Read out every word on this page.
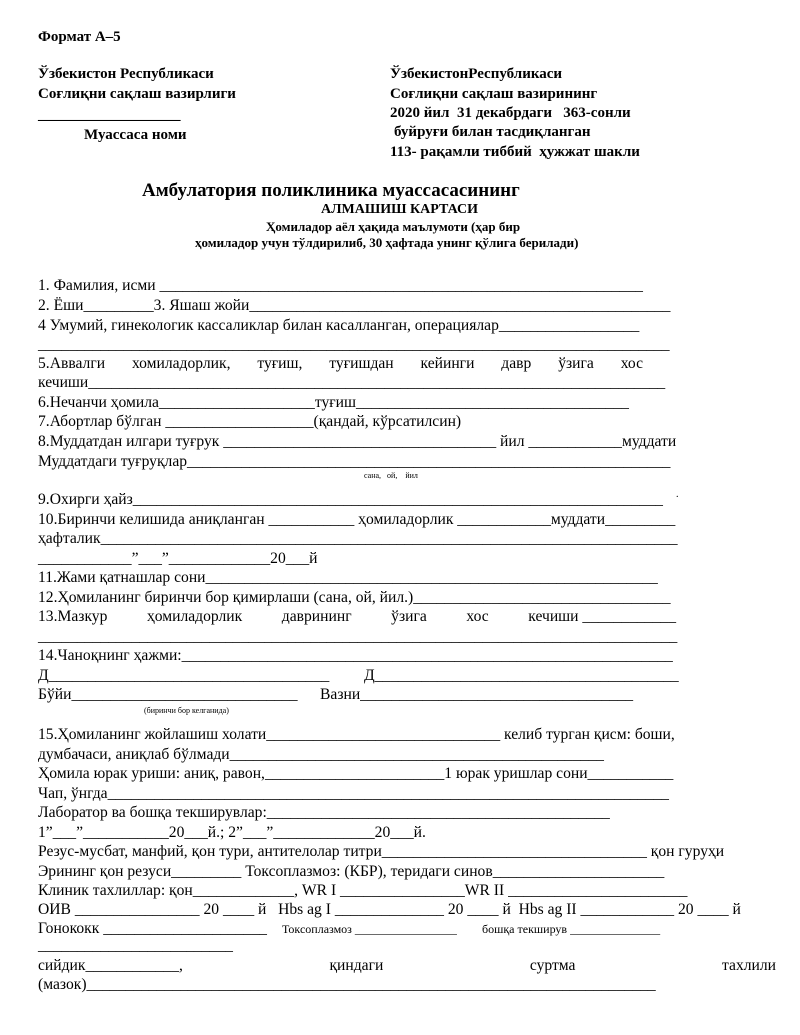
Формат А–5
Ўзбекистон Республикаси
Соғлиқни сақлаш вазирлиги
___________________
Муассаса номи
ЎзбекистонРеспубликаси
Соғлиқни сақлаш вазирининг
2020 йил  31 декабрдаги   363-сонли
буйруғи билан тасдиқланган
113- рақамли тиббий  ҳужжат шакли
Амбулатория поликлиника муассасасининг
АЛМАШИШ КАРТАСИ
Ҳомиладор аёл ҳақида маълумоти (ҳар бир
ҳомиладор учун тўлдирилиб, 30 ҳафтада унинг қўлига берилади)
1. Фамилия, исми ______________________________________________________________
2. Ёши_________3. Яшаш жойи______________________________________________________
4 Умумий, гинекологик кассаликлар билан касалланган, операциялар__________________
_________________________________________________________________________________
5.Аввалги хомиладорлик, туғиш, туғишдан кейинги давр ўзига хос
кечиши__________________________________________________________________________
6.Нечанчи ҳомила____________________туғиш___________________________________
7.Абортлар бўлган ___________________(қандай, кўрсатилсин)
8.Муддатдан илгари туғрук ___________________________________ йил ____________муддати
Муддатдаги туғруқлар______________________________________________________________
сана,   ой,    йил
9.Охирги ҳайз____________________________________________________________________ .
10.Биринчи келишида аниқланган ___________ ҳомиладорлик ____________муддати_________
ҳафталик__________________________________________________________________________
____________”___”_____________20___й
11.Жами қатнашлар сони__________________________________________________________
12.Ҳомиланинг биринчи бор қимирлаши (сана, ой, йил.)_________________________________
13.Мазкур	ҳомиладорлик	даврининг	ўзига	хос	кечиши ____________
__________________________________________________________________________________
14.Чаноқнинг ҳажми:_______________________________________________________________
Д____________________________________ Д_______________________________________
Бўйи_____________________________ Вазни___________________________________
(биринчи бор келганида)
15.Ҳомиланинг жойлашиш холати______________________________ келиб турган қисм: боши,
думбачаси, аниқлаб бўлмади________________________________________________
Ҳомила юрак уриши: аниқ, равон,_______________________1 юрак уришлар сони___________
Чап, ўнгда________________________________________________________________________
Лаборатор ва бошқа текширувлар:____________________________________________
1”___”___________20___й.; 2”___”_____________20___й.
Резус-мусбат, манфий, қон тури, антителолар титри__________________________________ қон гуруҳи
Эрининг қон резуси_________ Токсоплазмоз: (КБР), теридаги синов______________________
Клиник тахлиллар: қон_____________, WR I ________________WR II _______________________
ОИВ ________________ 20 ____ й   Hbs ag I ______________ 20 ____ й  Hbs ag II ____________ 20 ____ й
Гонококк _____________________ Токсоплазмоз _________________ бошқа текширув _______________
_________________________
сийдик____________,	қиндаги	суртма	тахлили
(мазок)_________________________________________________________________________
